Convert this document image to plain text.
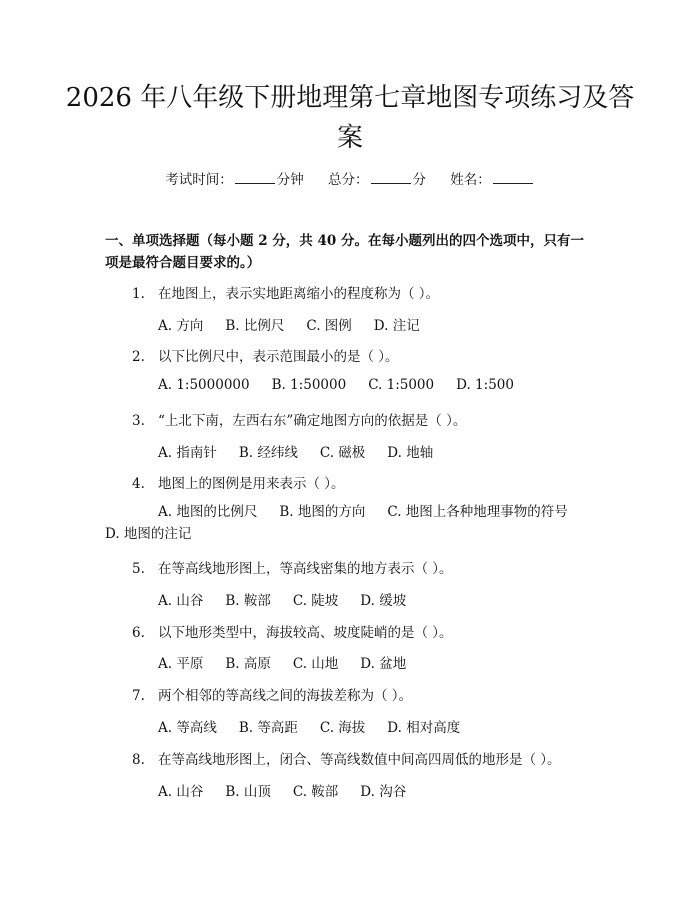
2026 年八年级下册地理第七章地图专项练习及答案
考试时间：	分钟 总分：	分 姓名：
一、单项选择题（每小题 2 分，共 40 分。在每小题列出的四个选项中，只有一项是最符合题目要求的。）
1. 在地图上，表示实地距离缩小的程度称为（ ）。
A. 方向 B. 比例尺 C. 图例 D. 注记
2. 以下比例尺中，表示范围最小的是（ ）。
A. 1:5000000 B. 1:50000 C. 1:5000 D. 1:500
3. “上北下南，左西右东”确定地图方向的依据是（ ）。
A. 指南针 B. 经纬线 C. 磁极 D. 地轴
4. 地图上的图例是用来表示（ ）。
A. 地图的比例尺 B. 地图的方向 C. 地图上各种地理事物的符号
D. 地图的注记
5. 在等高线地形图上，等高线密集的地方表示（ ）。
A. 山谷 B. 鞍部 C. 陡坡 D. 缓坡
6. 以下地形类型中，海拔较高、坡度陡峭的是（ ）。
A. 平原 B. 高原 C. 山地 D. 盆地
7. 两个相邻的等高线之间的海拔差称为（ ）。
A. 等高线 B. 等高距 C. 海拔 D. 相对高度
8. 在等高线地形图上，闭合、等高线数值中间高四周低的地形是（ ）。
A. 山谷 B. 山顶 C. 鞍部 D. 沟谷
